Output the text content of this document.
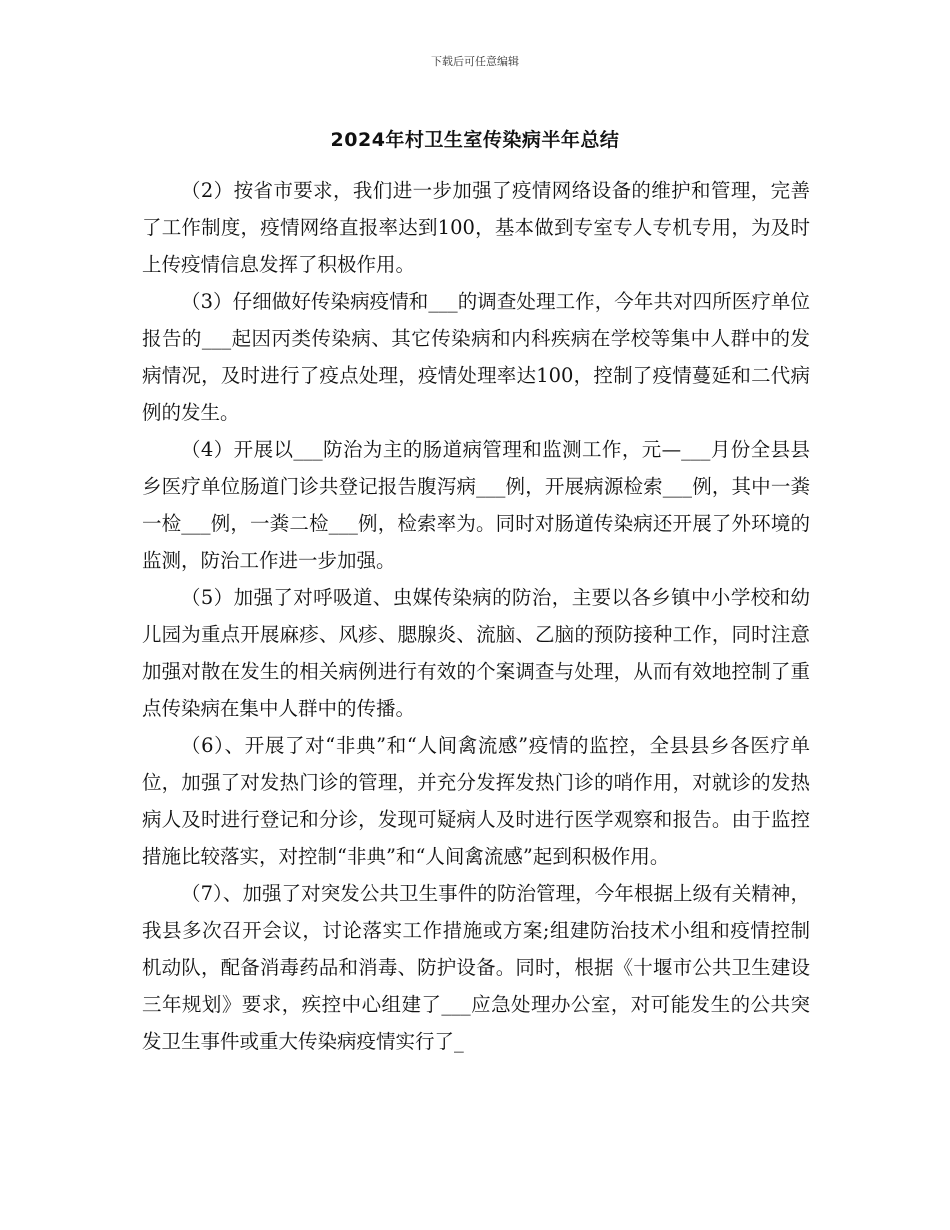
下载后可任意编辑
2024年村卫生室传染病半年总结

（2）按省市要求，我们进一步加强了疫情网络设备的维护和管理，完善了工作制度，疫情网络直报率达到100，基本做到专室专人专机专用，为及时上传疫情信息发挥了积极作用。

（3）仔细做好传染病疫情和___的调查处理工作，今年共对四所医疗单位报告的___起因丙类传染病、其它传染病和内科疾病在学校等集中人群中的发病情况，及时进行了疫点处理，疫情处理率达100，控制了疫情蔓延和二代病例的发生。

（4）开展以___防治为主的肠道病管理和监测工作，元—___月份全县县乡医疗单位肠道门诊共登记报告腹泻病___例，开展病源检索___例，其中一粪一检___例，一粪二检___例，检索率为。同时对肠道传染病还开展了外环境的监测，防治工作进一步加强。

（5）加强了对呼吸道、虫媒传染病的防治，主要以各乡镇中小学校和幼儿园为重点开展麻疹、风疹、腮腺炎、流脑、乙脑的预防接种工作，同时注意加强对散在发生的相关病例进行有效的个案调查与处理，从而有效地控制了重点传染病在集中人群中的传播。

（6）、开展了对“非典”和“人间禽流感”疫情的监控，全县县乡各医疗单位，加强了对发热门诊的管理，并充分发挥发热门诊的哨作用，对就诊的发热病人及时进行登记和分诊，发现可疑病人及时进行医学观察和报告。由于监控措施比较落实，对控制“非典”和“人间禽流感”起到积极作用。

（7）、加强了对突发公共卫生事件的防治管理，今年根据上级有关精神，我县多次召开会议，讨论落实工作措施或方案;组建防治技术小组和疫情控制机动队，配备消毒药品和消毒、防护设备。同时，根据《十堰市公共卫生建设三年规划》要求，疾控中心组建了___应急处理办公室，对可能发生的公共突发卫生事件或重大传染病疫情实行了_
